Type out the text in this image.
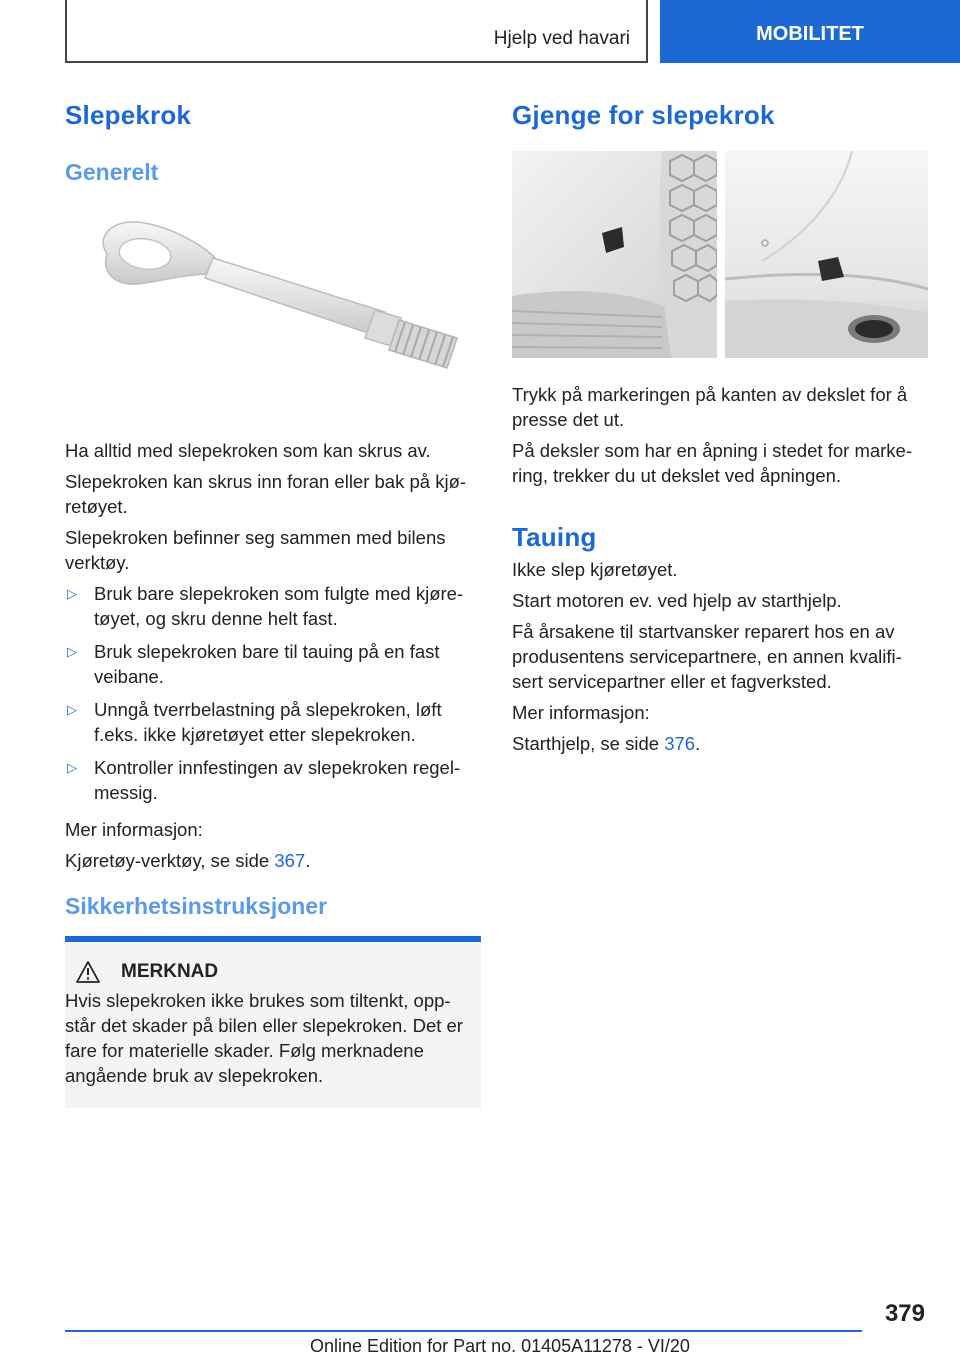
Hjelp ved havari	MOBILITET
Slepekrok
Generelt

Ha alltid med slepekroken som kan skrus av.

Slepekroken kan skrus inn foran eller bak på kjø-retøyet.

Slepekroken befinner seg sammen med bilens verktøy.

▷ Bruk bare slepekroken som fulgte med kjøre-tøyet, og skru denne helt fast.
▷ Bruk slepekroken bare til tauing på en fast veibane.
▷ Unngå tverrbelastning på slepekroken, løft f.eks. ikke kjøretøyet etter slepekroken.
▷ Kontroller innfestingen av slepekroken regel-messig.

Mer informasjon:

Kjøretøy-verktøy, se side 367.

Sikkerhetsinstruksjoner
MERKNAD

Hvis slepekroken ikke brukes som tiltenkt, opp-står det skader på bilen eller slepekroken. Det er fare for materielle skader. Følg merknadene angående bruk av slepekroken.

Gjenge for slepekrok

Trykk på markeringen på kanten av dekslet for å presse det ut.

På deksler som har en åpning i stedet for marke-ring, trekker du ut dekslet ved åpningen.

Tauing

Ikke slep kjøretøyet.

Start motoren ev. ved hjelp av starthjelp.

Få årsakene til startvansker reparert hos en av produsentens servicepartnere, en annen kvalifi-sert servicepartner eller et fagverksted.

Mer informasjon:

Starthjelp, se side 376.

379
Online Edition for Part no. 01405A11278 - VI/20
